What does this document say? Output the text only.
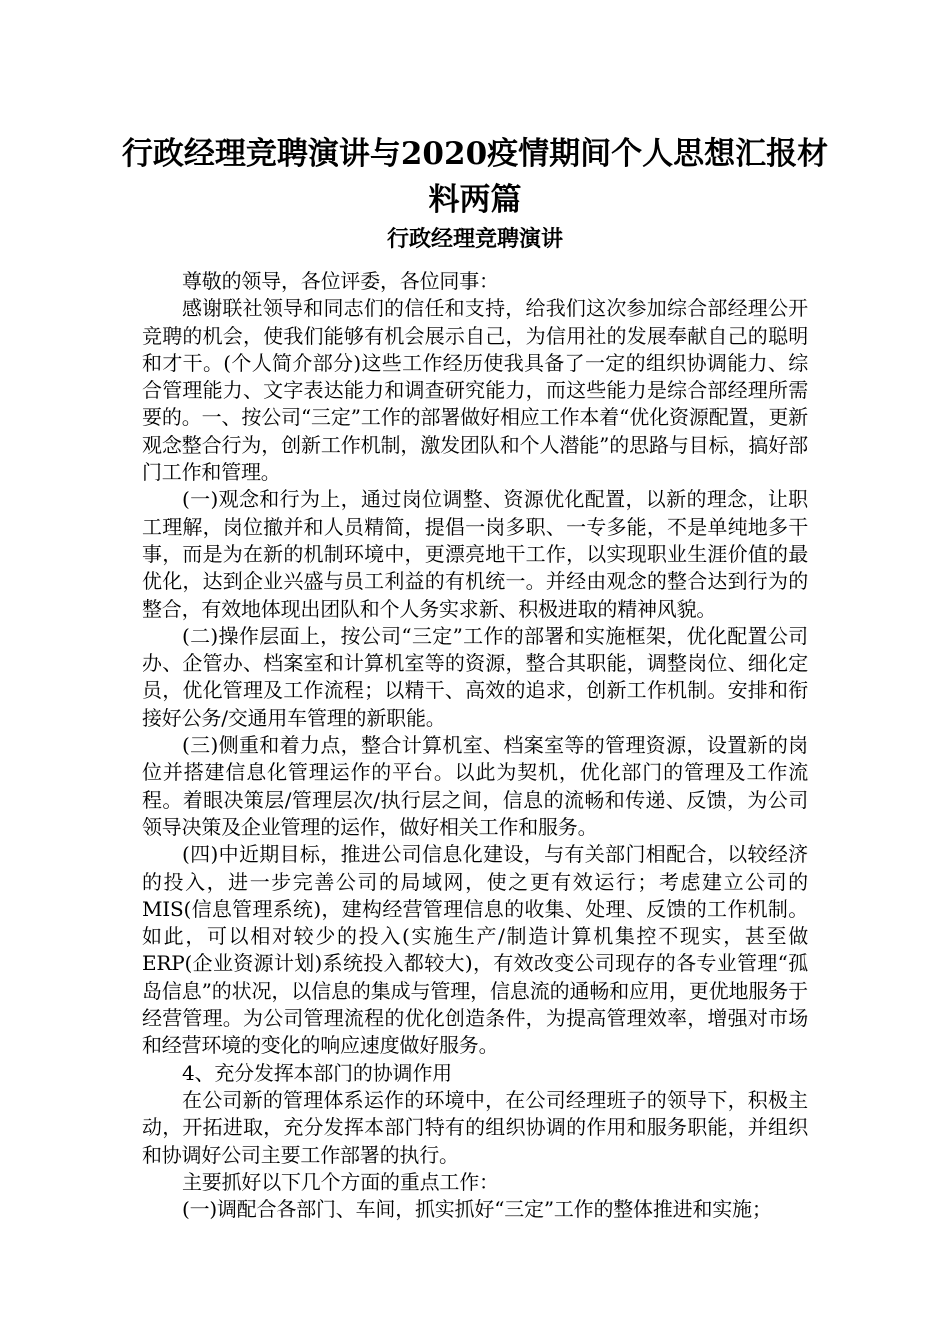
行政经理竞聘演讲与2020疫情期间个人思想汇报材
料两篇
行政经理竞聘演讲

尊敬的领导，各位评委，各位同事：

感谢联社领导和同志们的信任和支持，给我们这次参加综合部经理公开竞聘的机会，使我们能够有机会展示自己，为信用社的发展奉献自己的聪明和才干。(个人简介部分)这些工作经历使我具备了一定的组织协调能力、综合管理能力、文字表达能力和调查研究能力，而这些能力是综合部经理所需要的。一、按公司“三定”工作的部署做好相应工作本着“优化资源配置，更新观念整合行为，创新工作机制，激发团队和个人潜能”的思路与目标，搞好部门工作和管理。

(一)观念和行为上，通过岗位调整、资源优化配置，以新的理念，让职工理解，岗位撤并和人员精简，提倡一岗多职、一专多能，不是单纯地多干事，而是为在新的机制环境中，更漂亮地干工作，以实现职业生涯价值的最优化，达到企业兴盛与员工利益的有机统一。并经由观念的整合达到行为的整合，有效地体现出团队和个人务实求新、积极进取的精神风貌。

(二)操作层面上，按公司“三定”工作的部署和实施框架，优化配置公司办、企管办、档案室和计算机室等的资源，整合其职能，调整岗位、细化定员，优化管理及工作流程；以精干、高效的追求，创新工作机制。安排和衔接好公务/交通用车管理的新职能。

(三)侧重和着力点，整合计算机室、档案室等的管理资源，设置新的岗位并搭建信息化管理运作的平台。以此为契机，优化部门的管理及工作流程。着眼决策层/管理层次/执行层之间，信息的流畅和传递、反馈，为公司领导决策及企业管理的运作，做好相关工作和服务。

(四)中近期目标，推进公司信息化建设，与有关部门相配合，以较经济的投入，进一步完善公司的局域网，使之更有效运行；考虑建立公司的MIS(信息管理系统)，建构经营管理信息的收集、处理、反馈的工作机制。如此，可以相对较少的投入(实施生产/制造计算机集控不现实，甚至做ERP(企业资源计划)系统投入都较大)，有效改变公司现存的各专业管理“孤岛信息”的状况，以信息的集成与管理，信息流的通畅和应用，更优地服务于经营管理。为公司管理流程的优化创造条件，为提高管理效率，增强对市场和经营环境的变化的响应速度做好服务。

4、充分发挥本部门的协调作用

在公司新的管理体系运作的环境中，在公司经理班子的领导下，积极主动，开拓进取，充分发挥本部门特有的组织协调的作用和服务职能，并组织和协调好公司主要工作部署的执行。

主要抓好以下几个方面的重点工作：

(一)调配合各部门、车间，抓实抓好“三定”工作的整体推进和实施；
